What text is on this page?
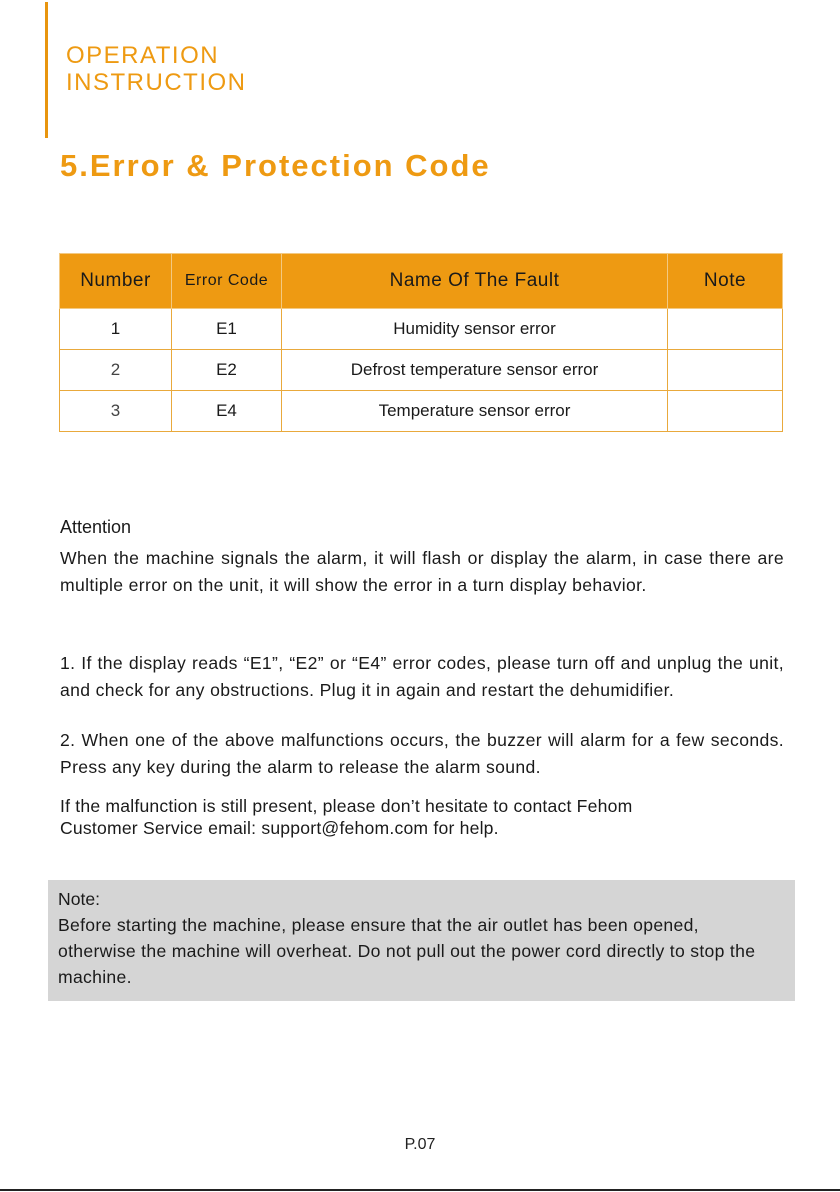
OPERATION
INSTRUCTION
5.Error & Protection Code
Number	Error Code	Name Of The Fault	Note
1	E1	Humidity sensor error	
2	E2	Defrost temperature sensor error	
3	E4	Temperature sensor error	
Attention
When the machine signals the alarm, it will flash or display the alarm, in case there are multiple error on the unit, it will show the error in a turn display behavior.
1. If the display reads “E1”, “E2” or “E4” error codes, please turn off and unplug the unit, and check for any obstructions. Plug it in again and restart the dehumidifier.
2. When one of the above malfunctions occurs, the buzzer will alarm for a few seconds. Press any key during the alarm to release the alarm sound.
If the malfunction is still present, please don’t hesitate to contact Fehom
Customer Service email: support@fehom.com for help.
Note:
Before starting the machine, please ensure that the air outlet has been opened, otherwise the machine will overheat. Do not pull out the power cord directly to stop the machine.
P.07
